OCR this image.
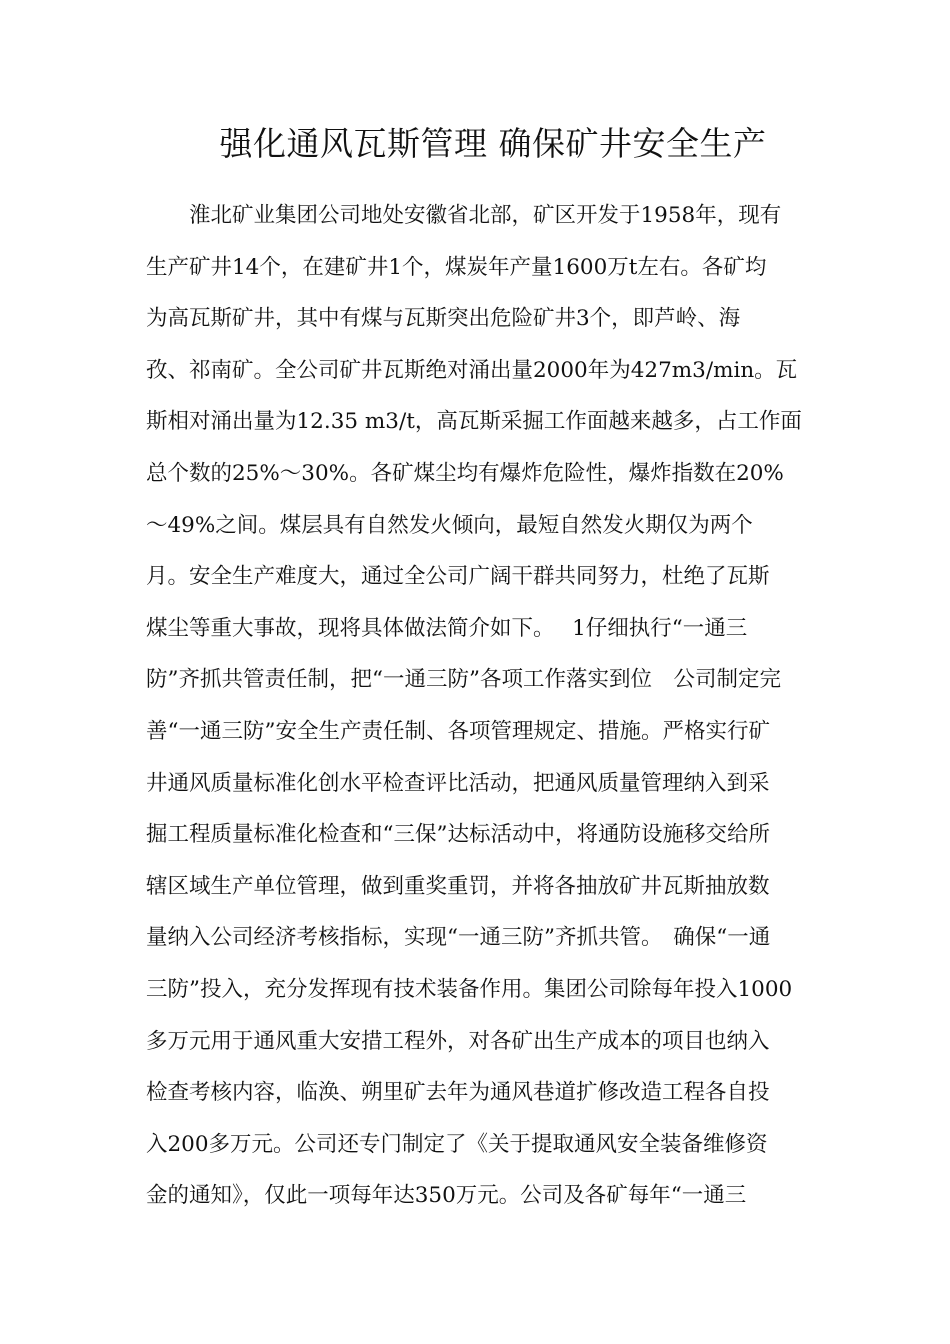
强化通风瓦斯管理 确保矿井安全生产
　　淮北矿业集团公司地处安徽省北部，矿区开发于1958年，现有
生产矿井14个，在建矿井1个，煤炭年产量1600万t左右。各矿均
为高瓦斯矿井，其中有煤与瓦斯突出危险矿井3个，即芦岭、海
孜、祁南矿。全公司矿井瓦斯绝对涌出量2000年为427m3/min。瓦
斯相对涌出量为12.35 m3/t，高瓦斯采掘工作面越来越多，占工作面
总个数的25%～30%。各矿煤尘均有爆炸危险性，爆炸指数在20%
～49%之间。煤层具有自然发火倾向，最短自然发火期仅为两个
月。安全生产难度大，通过全公司广阔干群共同努力，杜绝了瓦斯
煤尘等重大事故，现将具体做法简介如下。　 1仔细执行“一通三
防”齐抓共管责任制，把“一通三防”各项工作落实到位　公司制定完
善“一通三防”安全生产责任制、各项管理规定、措施。严格实行矿
井通风质量标准化创水平检查评比活动，把通风质量管理纳入到采
掘工程质量标准化检查和“三保”达标活动中，将通防设施移交给所
辖区域生产单位管理，做到重奖重罚，并将各抽放矿井瓦斯抽放数
量纳入公司经济考核指标，实现“一通三防”齐抓共管。　确保“一通
三防”投入，充分发挥现有技术装备作用。集团公司除每年投入1000
多万元用于通风重大安措工程外，对各矿出生产成本的项目也纳入
检查考核内容，临涣、朔里矿去年为通风巷道扩修改造工程各自投
入200多万元。公司还专门制定了《关于提取通风安全装备维修资
金的通知》，仅此一项每年达350万元。公司及各矿每年“一通三
